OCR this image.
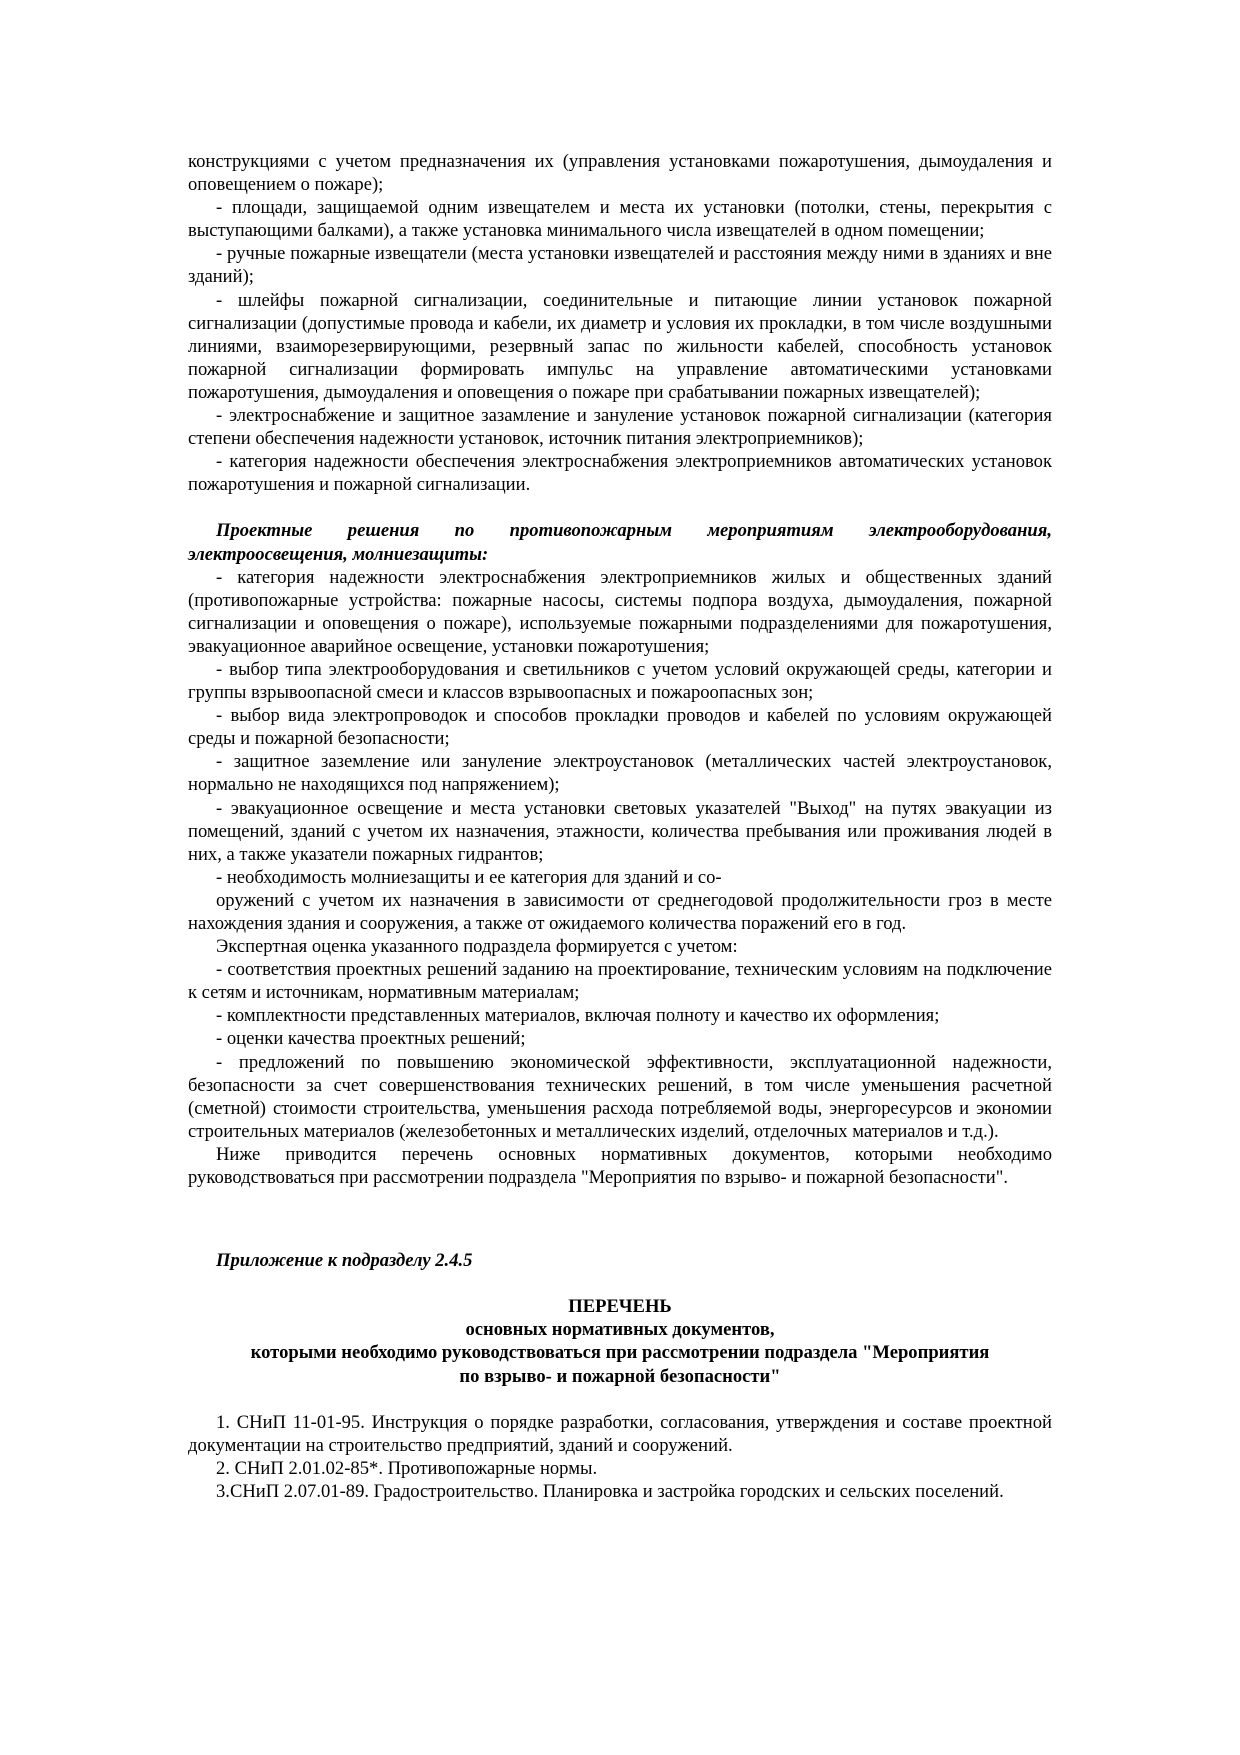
конструкциями с учетом предназначения их (управления установками пожаротушения, дымоудаления и оповещением о пожаре);

- площади, защищаемой одним извещателем и места их установки (потолки, стены, перекрытия с выступающими балками), а также установка минимального числа извещателей в одном помещении;

- ручные пожарные извещатели (места установки извещателей и расстояния между ними в зданиях и вне зданий);

- шлейфы пожарной сигнализации, соединительные и питающие линии установок пожарной сигнализации (допустимые провода и кабели, их диаметр и условия их прокладки, в том числе воздушными линиями, взаиморезервирующими, резервный запас по жильности кабелей, способность установок пожарной сигнализации формировать импульс на управление автоматическими установками пожаротушения, дымоудаления и оповещения о пожаре при срабатывании пожарных извещателей);

- электроснабжение и защитное зазамление и зануление установок пожарной сигнализации (категория степени обеспечения надежности установок, источник питания электроприемников);

- категория надежности обеспечения электроснабжения электроприемников автоматических установок пожаротушения и пожарной сигнализации.

Проектные решения по противопожарным мероприятиям электрооборудования, электроосвещения, молниезащиты:

- категория надежности электроснабжения электроприемников жилых и общественных зданий (противопожарные устройства: пожарные насосы, системы подпора воздуха, дымоудаления, пожарной сигнализации и оповещения о пожаре), используемые пожарными подразделениями для пожаротушения, эвакуационное аварийное освещение, установки пожаротушения;

- выбор типа электрооборудования и светильников с учетом условий окружающей среды, категории и группы взрывоопасной смеси и классов взрывоопасных и пожароопасных зон;

- выбор вида электропроводок и способов прокладки проводов и кабелей по условиям окружающей среды и пожарной безопасности;

- защитное заземление или зануление электроустановок (металлических частей электроустановок, нормально не находящихся под напряжением);

- эвакуационное освещение и места установки световых указателей "Выход" на путях эвакуации из помещений, зданий с учетом их назначения, этажности, количества пребывания или проживания людей в них, а также указатели пожарных гидрантов;

- необходимость молниезащиты и ее категория для зданий и со-

оружений с учетом их назначения в зависимости от среднегодовой продолжительности гроз в месте нахождения здания и сооружения, а также от ожидаемого количества поражений его в год.

Экспертная оценка указанного подраздела формируется с учетом:

- соответствия проектных решений заданию на проектирование, техническим условиям на подключение к сетям и источникам, нормативным материалам;

- комплектности представленных материалов, включая полноту и качество их оформления;

- оценки качества проектных решений;

- предложений по повышению экономической эффективности, эксплуатационной надежности, безопасности за счет совершенствования технических решений, в том числе уменьшения расчетной (сметной) стоимости строительства, уменьшения расхода потребляемой воды, энергоресурсов и экономии строительных материалов (железобетонных и металлических изделий, отделочных материалов и т.д.).

Ниже приводится перечень основных нормативных документов, которыми необходимо руководствоваться при рассмотрении подраздела "Мероприятия по взрыво- и пожарной безопасности".

Приложение к подразделу 2.4.5

ПЕРЕЧЕНЬ
основных нормативных документов,
которыми необходимо руководствоваться при рассмотрении подраздела "Мероприятия
по взрыво- и пожарной безопасности"

1. СНиП 11-01-95. Инструкция о порядке разработки, согласования, утверждения и составе проектной документации на строительство предприятий, зданий и сооружений.

2. СНиП 2.01.02-85*. Противопожарные нормы.

3.СНиП 2.07.01-89. Градостроительство. Планировка и застройка городских и сельских поселений.
